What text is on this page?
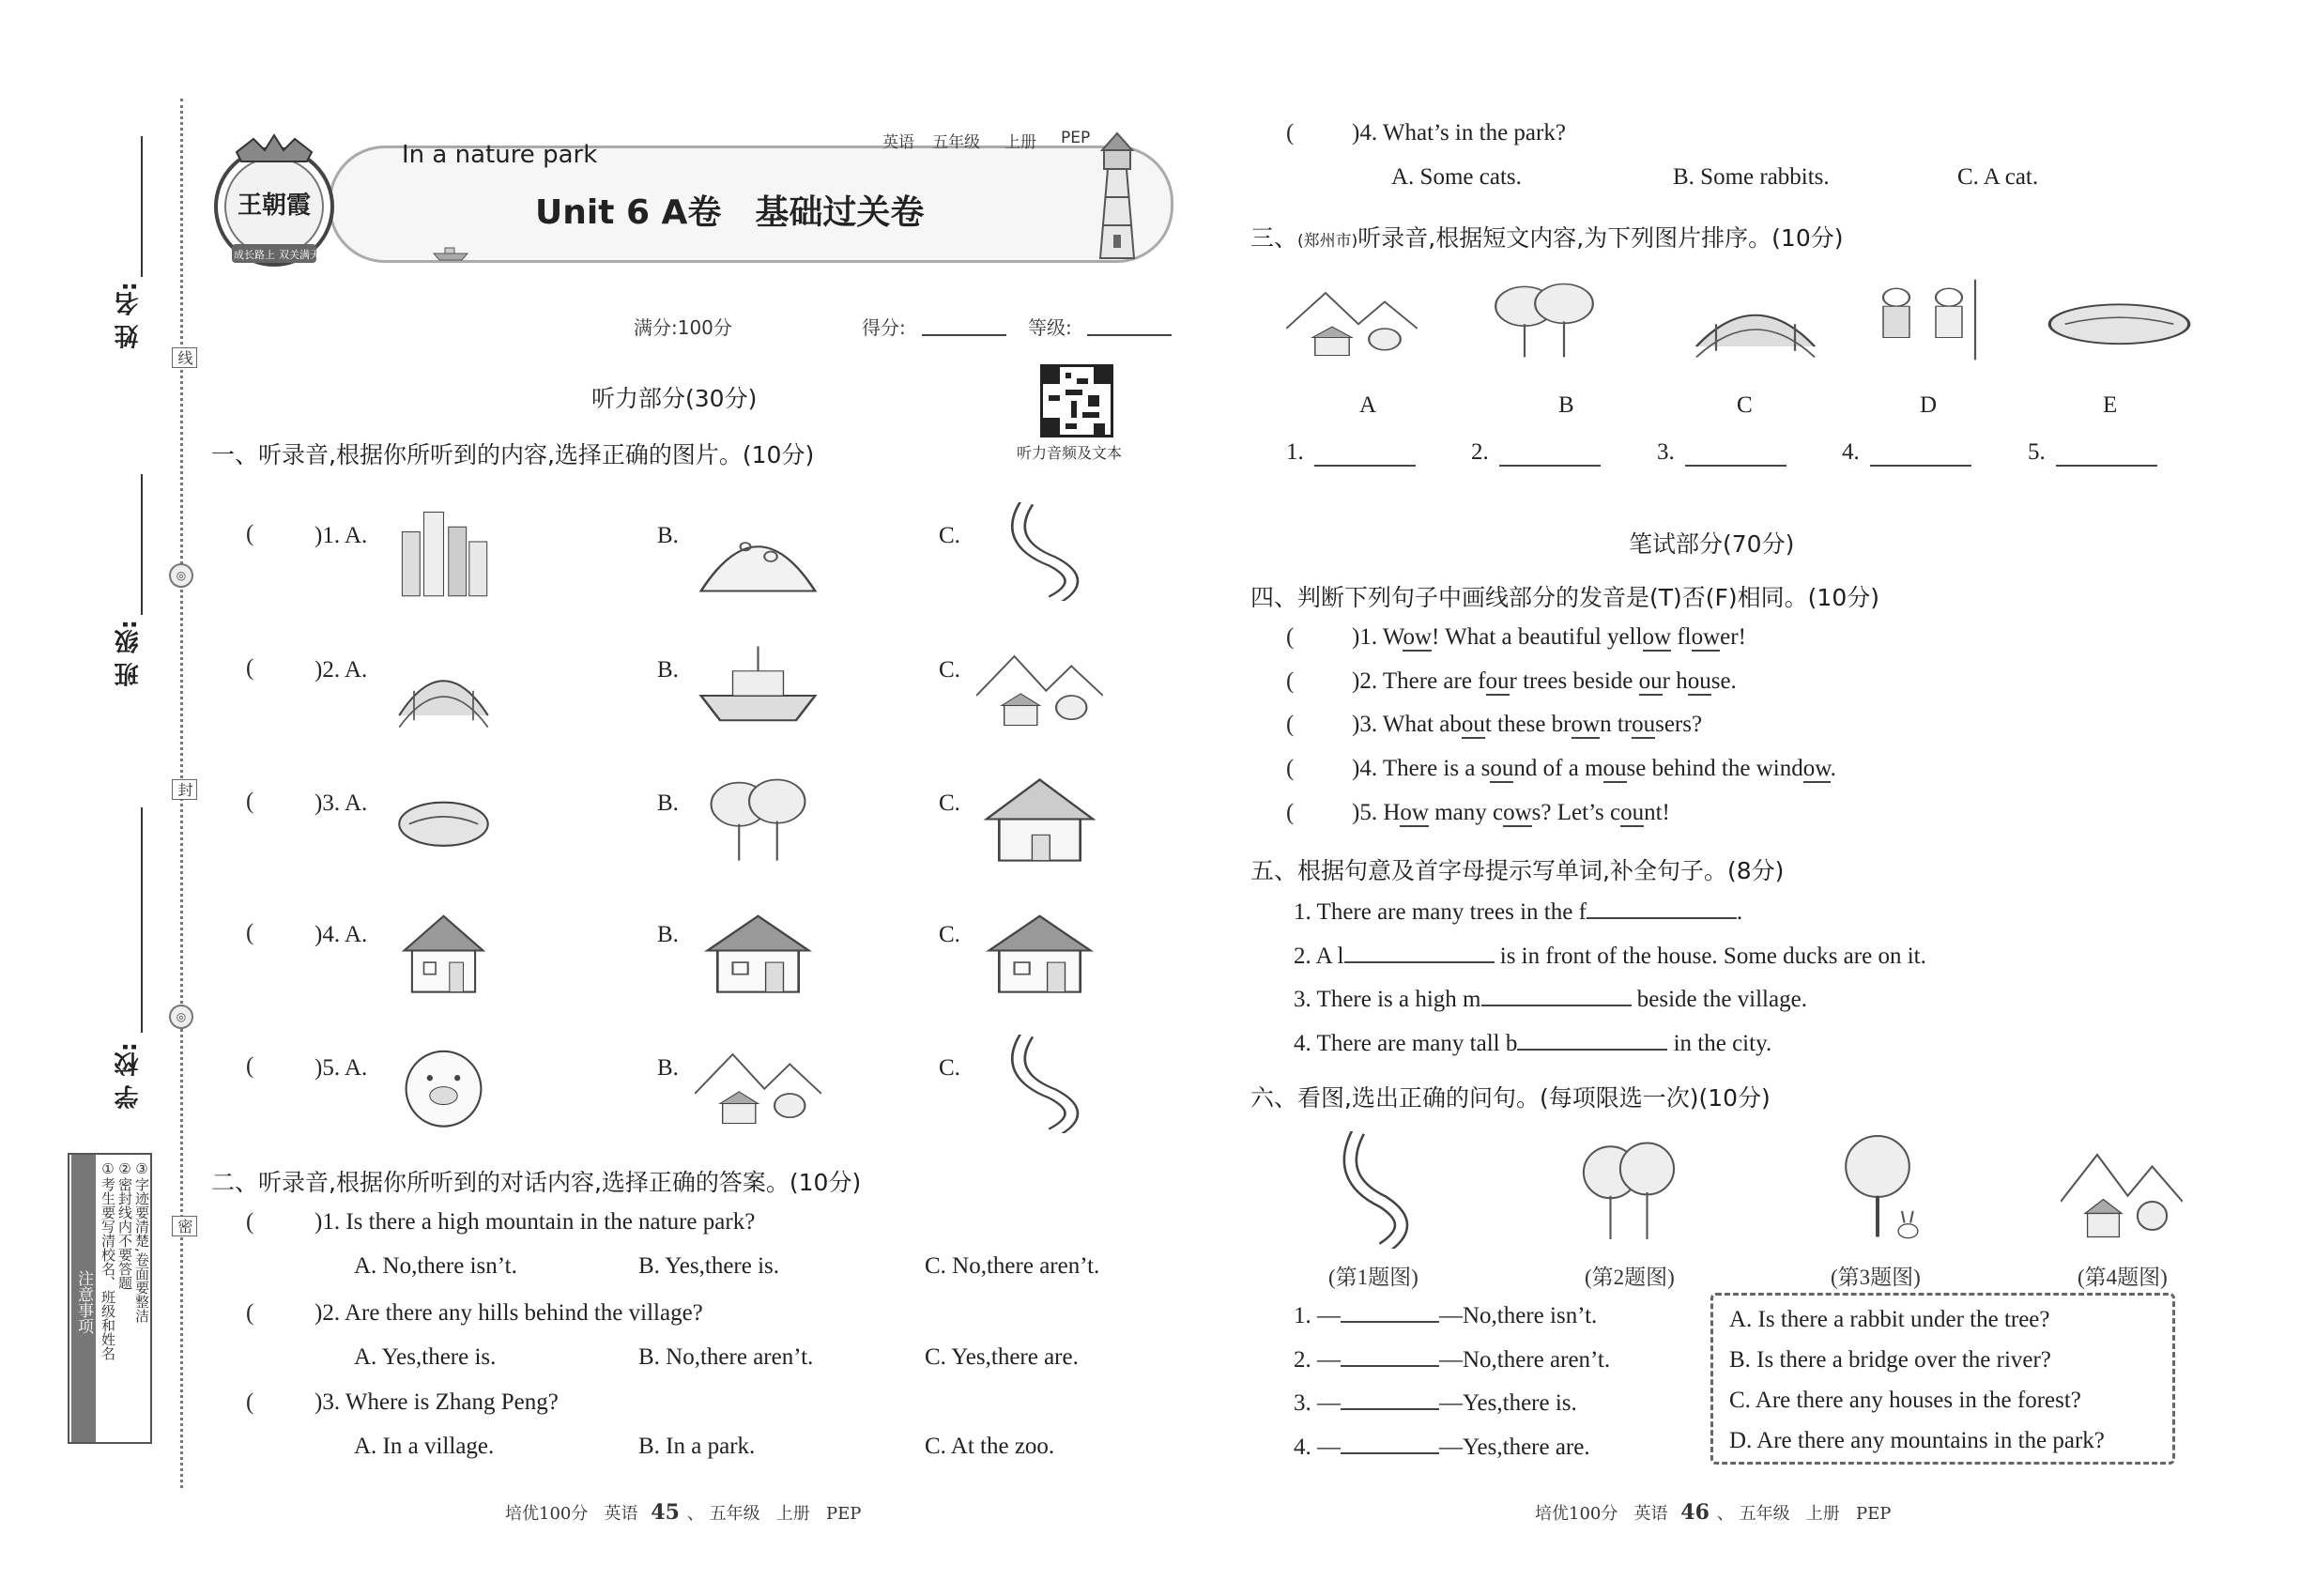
姓 名:
班 级:
学 校:
线
◎
封
◎
密
注意事项 ①考生要写清校名、班级和姓名 ②密封线内不要答题 ③字迹要清楚,卷面要整洁
王朝霞
成长路上 双关满天
In a nature park	英语 五年级 上册 PEP
Unit 6 A卷　基础过关卷
满分:100分	得分:	等级:
听力音频及文本
听力部分(30分)
一、听录音,根据你所听到的内容,选择正确的图片。(10分)
(	)1. A.	B.	C.
(	)2. A.	B.	C.
(	)3. A.	B.	C.
(	)4. A.	B.	C.
(	)5. A.	B.	C.
二、听录音,根据你所听到的对话内容,选择正确的答案。(10分)
(	)1. Is there a high mountain in the nature park?
A. No,there isn’t.	B. Yes,there is.	C. No,there aren’t.
(	)2. Are there any hills behind the village?
A. Yes,there is.	B. No,there aren’t.	C. Yes,there are.
(	)3. Where is Zhang Peng?
A. In a village.	B. In a park.	C. At the zoo.
( )4. What’s in the park?
A. Some cats.	B. Some rabbits.	C. A cat.
三、(郑州市)听录音,根据短文内容,为下列图片排序。(10分)
A	B	C	D	E
1.	2.	3.	4.	5.
笔试部分(70分)
四、判断下列句子中画线部分的发音是(T)否(F)相同。(10分)
( )1. Wow! What a beautiful yellow flower!
( )2. There are four trees beside our house.
( )3. What about these brown trousers?
( )4. There is a sound of a mouse behind the window.
( )5. How many cows? Let’s count!
五、根据句意及首字母提示写单词,补全句子。(8分)
1. There are many trees in the f	.
2. A l	is in front of the house. Some ducks are on it.
3. There is a high m	beside the village.
4. There are many tall b	in the city.
六、看图,选出正确的问句。(每项限选一次)(10分)
(第1题图)	(第2题图)	(第3题图)	(第4题图)
1. —	—No,there isn’t.
2. —	—No,there aren’t.
3. —	—Yes,there is.
4. —	—Yes,there are.
A. Is there a rabbit under the tree?
B. Is there a bridge over the river?
C. Are there any houses in the forest?
D. Are there any mountains in the park?
培优100分 英语 45 、 五年级 上册 PEP	培优100分 英语 46 、 五年级 上册 PEP
